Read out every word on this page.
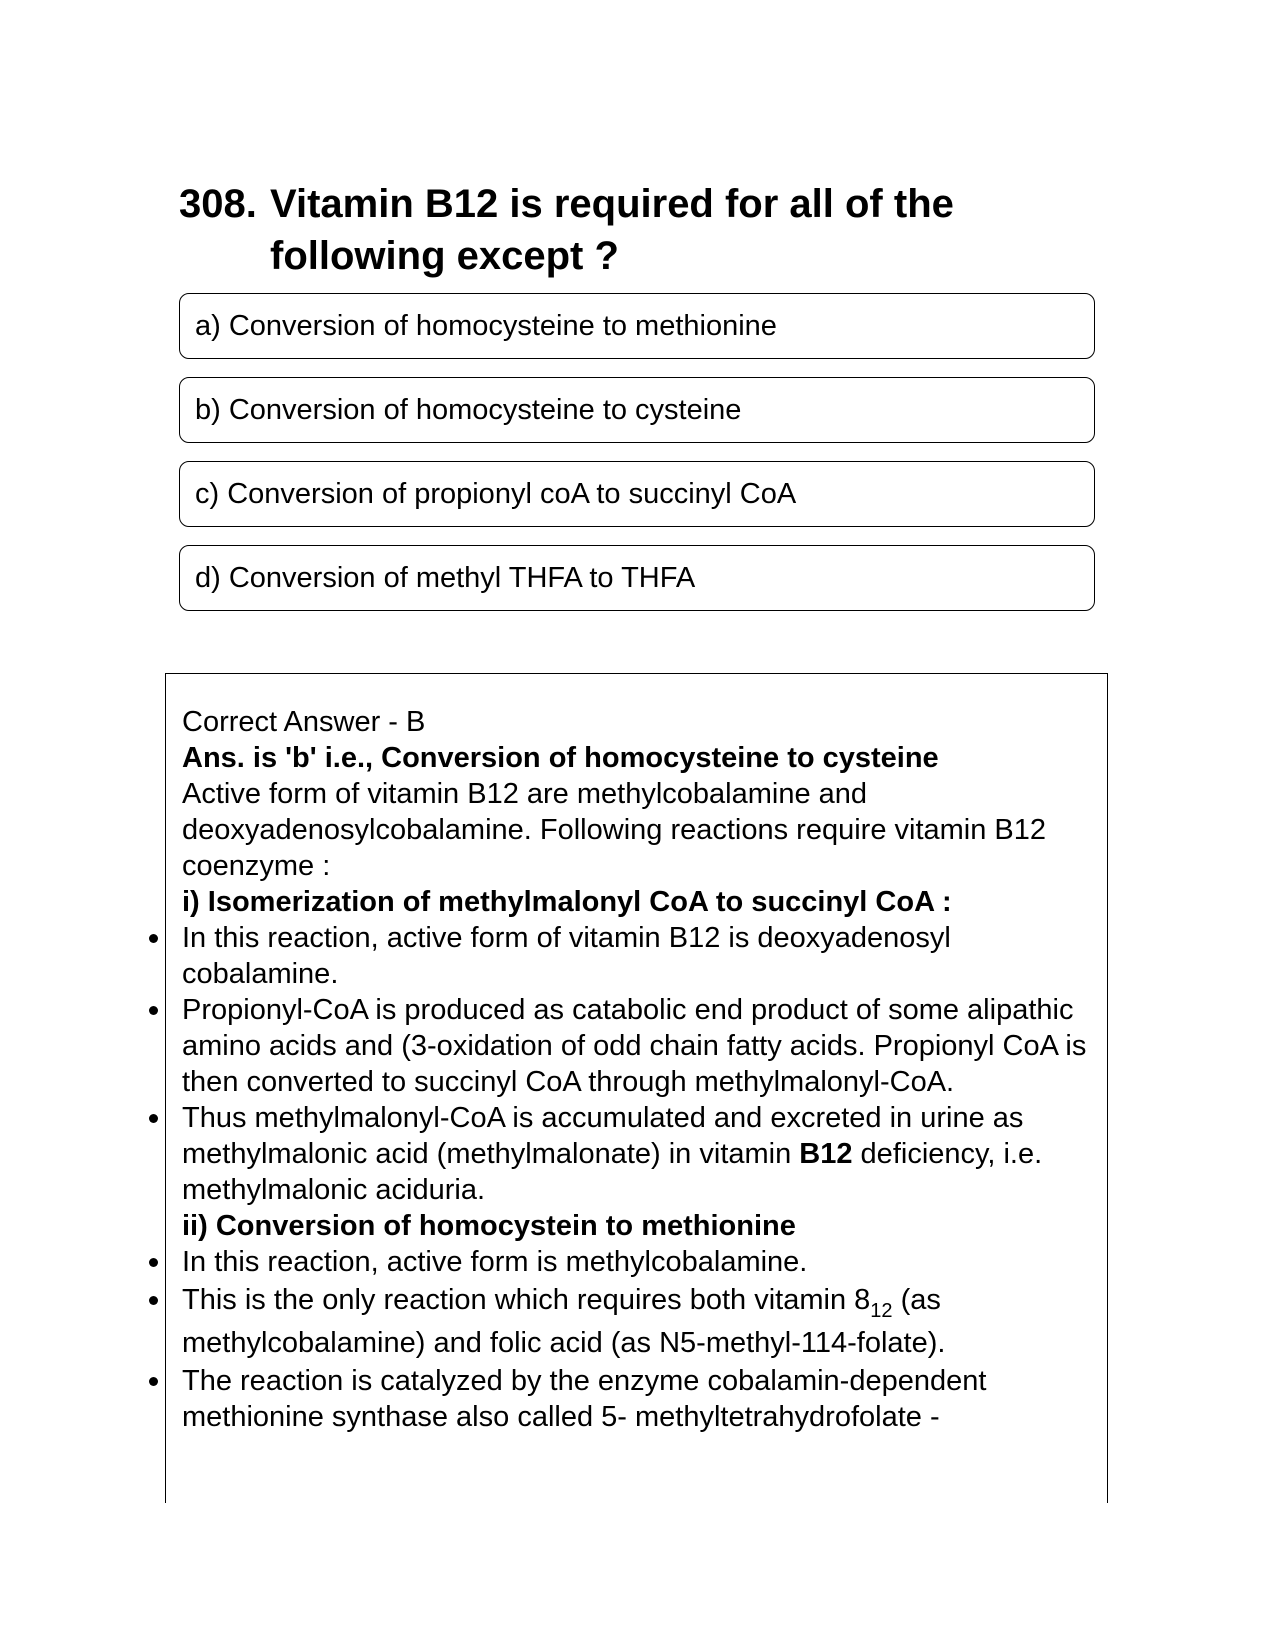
308. Vitamin B12 is required for all of the following except ?
a) Conversion of homocysteine to methionine
b) Conversion of homocysteine to cysteine
c) Conversion of propionyl coA to succinyl CoA
d) Conversion of methyl THFA to THFA

Correct Answer - B

Ans. is 'b' i.e., Conversion of homocysteine to cysteine

Active form of vitamin B12 are methylcobalamine and deoxyadenosylcobalamine. Following reactions require vitamin B12 coenzyme :

i) Isomerization of methylmalonyl CoA to succinyl CoA :

In this reaction, active form of vitamin B12 is deoxyadenosyl cobalamine.

Propionyl-CoA is produced as catabolic end product of some alipathic amino acids and (3-oxidation of odd chain fatty acids. Propionyl CoA is then converted to succinyl CoA through methylmalonyl-CoA.

Thus methylmalonyl-CoA is accumulated and excreted in urine as methylmalonic acid (methylmalonate) in vitamin B12 deficiency, i.e. methylmalonic aciduria.

ii) Conversion of homocystein to methionine

In this reaction, active form is methylcobalamine.

This is the only reaction which requires both vitamin $8_{12}$ (as methylcobalamine) and folic acid (as N5-methyl-114-folate).

The reaction is catalyzed by the enzyme cobalamin-dependent methionine synthase also called 5- methyltetrahydrofolate -
